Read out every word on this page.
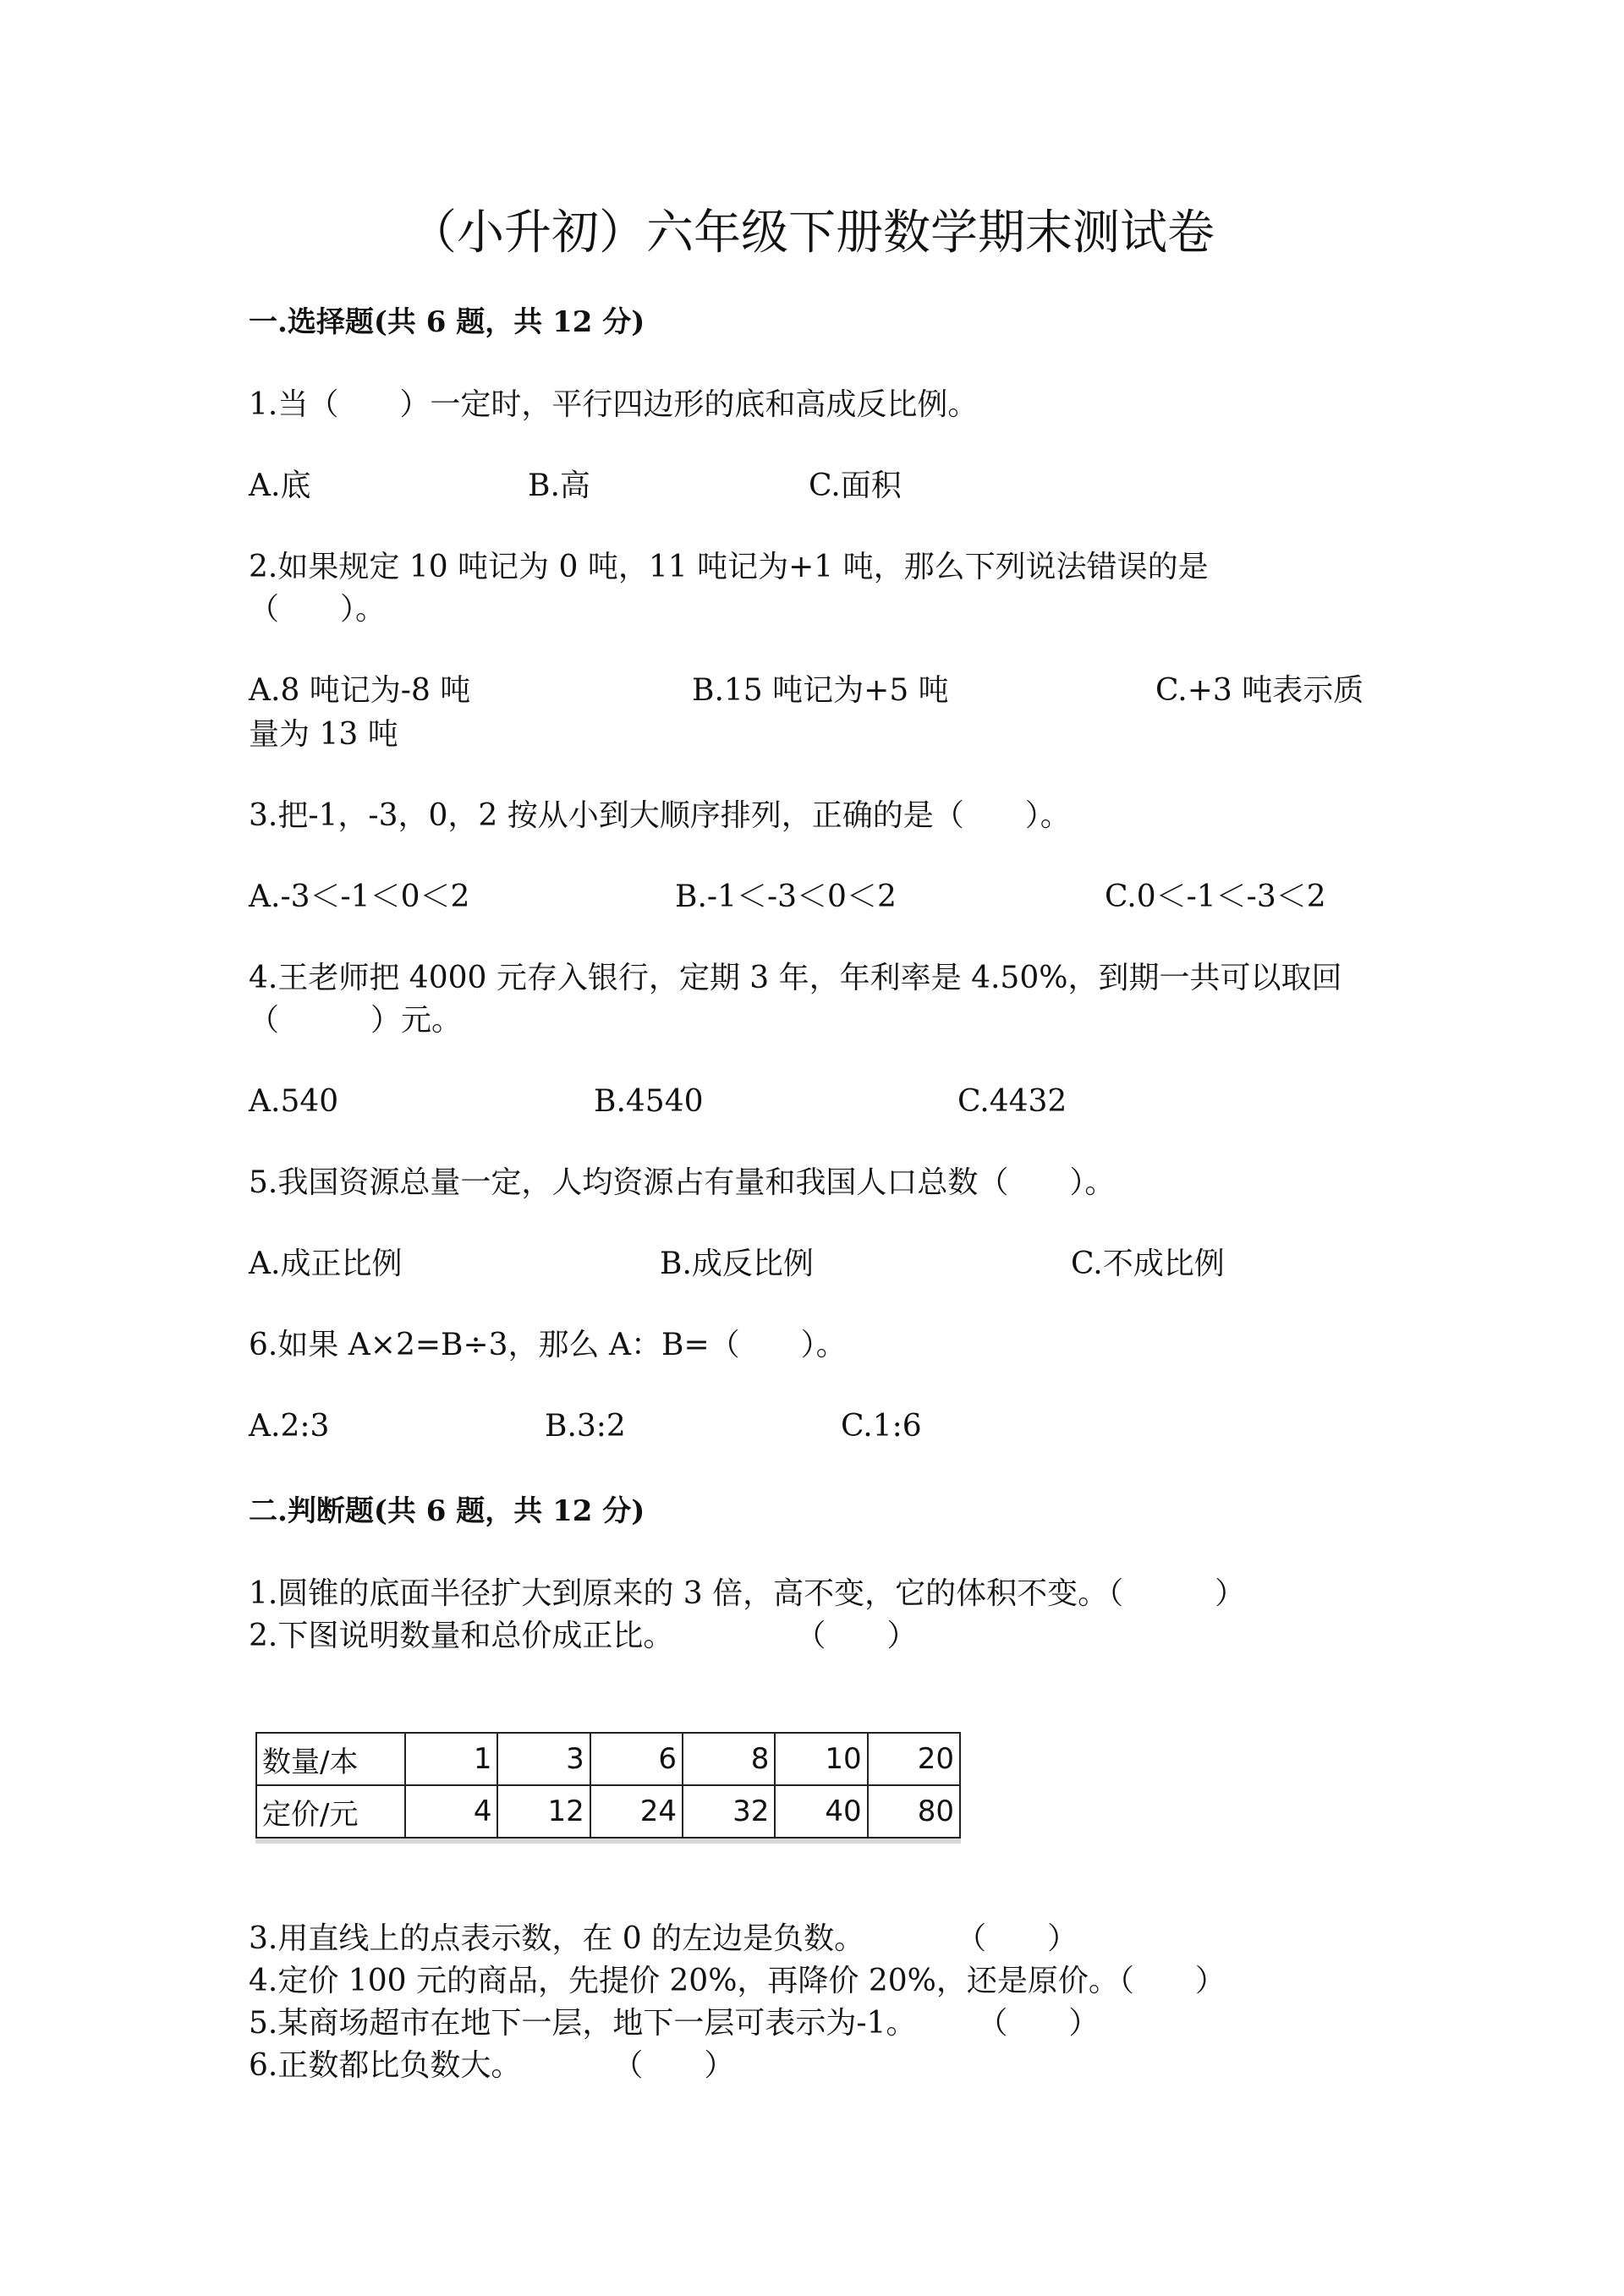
（小升初）六年级下册数学期末测试卷
一.选择题(共 6 题，共 12 分)
1.当（　　）一定时，平行四边形的底和高成反比例。
A.底	B.高	C.面积
2.如果规定 10 吨记为 0 吨，11 吨记为+1 吨，那么下列说法错误的是（　　）。
A.8 吨记为-8 吨	B.15 吨记为+5 吨	C.+3 吨表示质
量为 13 吨
3.把-1，-3，0，2 按从小到大顺序排列，正确的是（　　）。
A.-3＜-1＜0＜2	B.-1＜-3＜0＜2	C.0＜-1＜-3＜2
4.王老师把 4000 元存入银行，定期 3 年，年利率是 4.50%，到期一共可以取回（　　　）元。
A.540	B.4540	C.4432
5.我国资源总量一定，人均资源占有量和我国人口总数（　　）。
A.成正比例	B.成反比例	C.不成比例
6.如果 A×2=B÷3，那么 A：B=（　　）。
A.2:3	B.3:2	C.1:6
二.判断题(共 6 题，共 12 分)
1.圆锥的底面半径扩大到原来的 3 倍，高不变，它的体积不变。（　　　）
2.下图说明数量和总价成正比。　　　　　（　　）
数量/本	1	3	6	8	10	20
定价/元	4	12	24	32	40	80
3.用直线上的点表示数，在 0 的左边是负数。　　　　（　　）
4.定价 100 元的商品，先提价 20%，再降价 20%，还是原价。（　　）
5.某商场超市在地下一层，地下一层可表示为-1。　　　（　　）
6.正数都比负数大。　　　　（　　）
